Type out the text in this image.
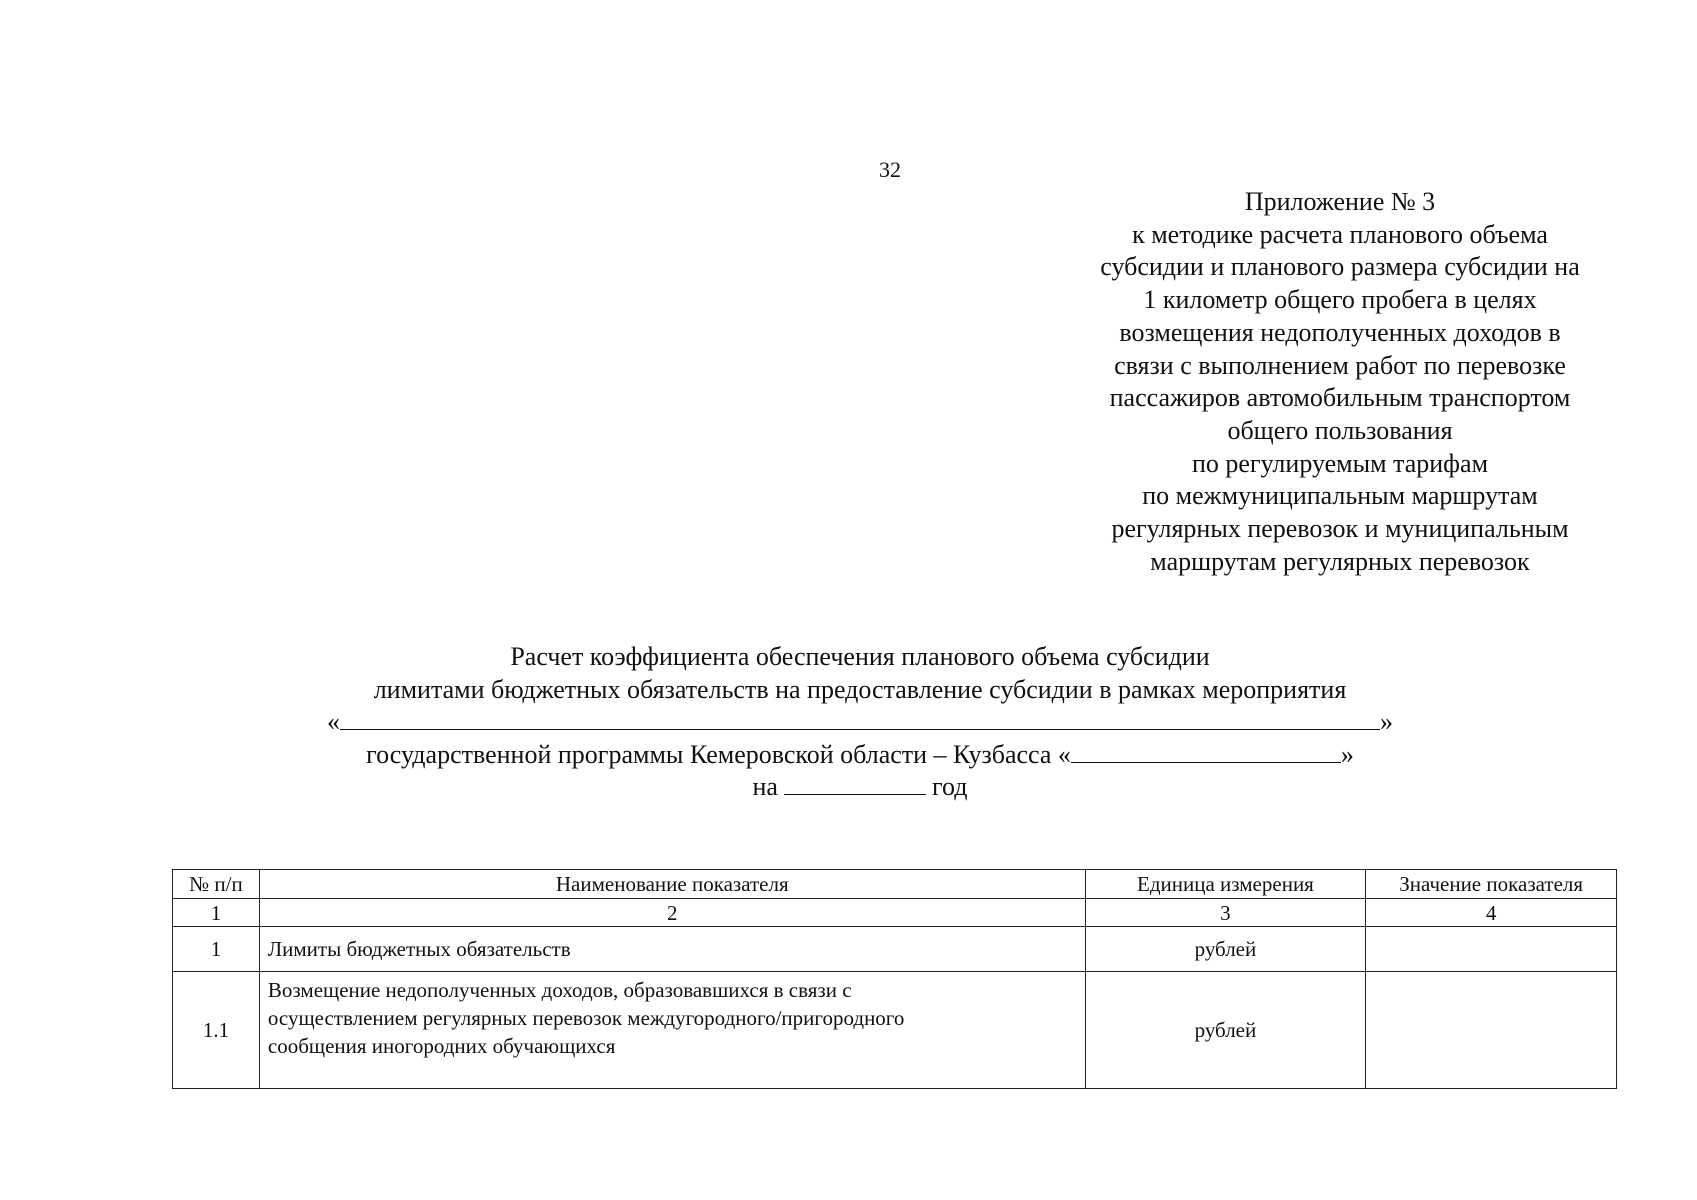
32
Приложение № 3
к методике расчета планового объема
субсидии и планового размера субсидии на
1 километр общего пробега в целях
возмещения недополученных доходов в
связи с выполнением работ по перевозке
пассажиров автомобильным транспортом
общего пользования
по регулируемым тарифам
по межмуниципальным маршрутам
регулярных перевозок и муниципальным
маршрутам регулярных перевозок
Расчет коэффициента обеспечения планового объема субсидии
лимитами бюджетных обязательств на предоставление субсидии в рамках мероприятия
«	»
государственной программы Кемеровской области – Кузбасса «	»
на	год
№ п/п	Наименование показателя	Единица измерения	Значение показателя
1	2	3	4
1	Лимиты бюджетных обязательств	рублей	
1.1	Возмещение недополученных доходов, образовавшихся в связи с
осуществлением регулярных перевозок междугородного/пригородного
сообщения иногородних обучающихся	рублей	
